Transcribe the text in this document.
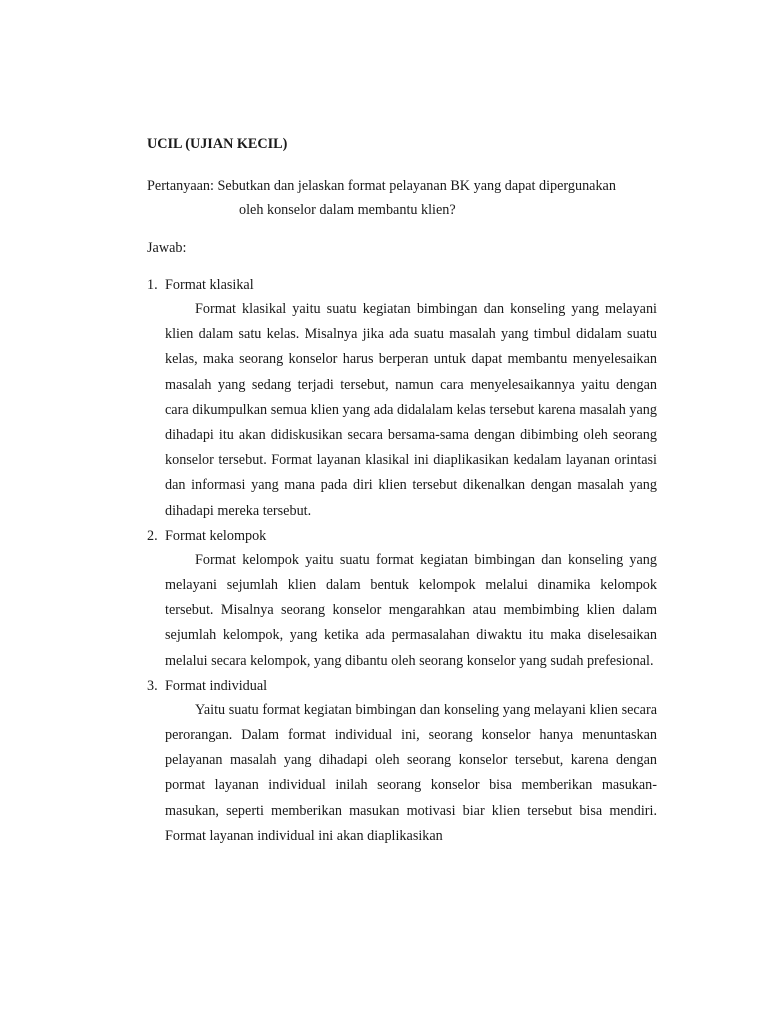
UCIL (UJIAN KECIL)
Pertanyaan: Sebutkan dan jelaskan format pelayanan BK yang dapat dipergunakan
oleh konselor dalam membantu klien?
Jawab:
1. Format klasikal
Format klasikal yaitu suatu kegiatan bimbingan dan konseling yang melayani klien dalam satu kelas. Misalnya jika ada suatu masalah yang timbul didalam suatu kelas, maka seorang konselor harus berperan untuk dapat membantu menyelesaikan masalah yang sedang terjadi tersebut, namun cara menyelesaikannya yaitu dengan cara dikumpulkan semua klien yang ada didalalam kelas tersebut karena masalah yang dihadapi itu akan didiskusikan secara bersama-sama dengan dibimbing oleh seorang konselor tersebut. Format layanan klasikal ini diaplikasikan kedalam layanan orintasi dan informasi yang mana pada diri klien tersebut dikenalkan dengan masalah yang dihadapi mereka tersebut.
2. Format kelompok
Format kelompok yaitu suatu format kegiatan bimbingan dan konseling yang melayani sejumlah klien dalam bentuk kelompok melalui dinamika kelompok tersebut. Misalnya seorang konselor mengarahkan atau membimbing klien dalam sejumlah kelompok, yang ketika ada permasalahan diwaktu itu maka diselesaikan melalui secara kelompok, yang dibantu oleh seorang konselor yang sudah prefesional.
3. Format individual
Yaitu suatu format kegiatan bimbingan dan konseling yang melayani klien secara perorangan. Dalam format individual ini, seorang konselor hanya menuntaskan pelayanan masalah yang dihadapi oleh seorang konselor tersebut, karena dengan pormat layanan individual inilah seorang konselor bisa memberikan masukan-masukan, seperti memberikan masukan motivasi biar klien tersebut bisa mendiri. Format layanan individual ini akan diaplikasikan
